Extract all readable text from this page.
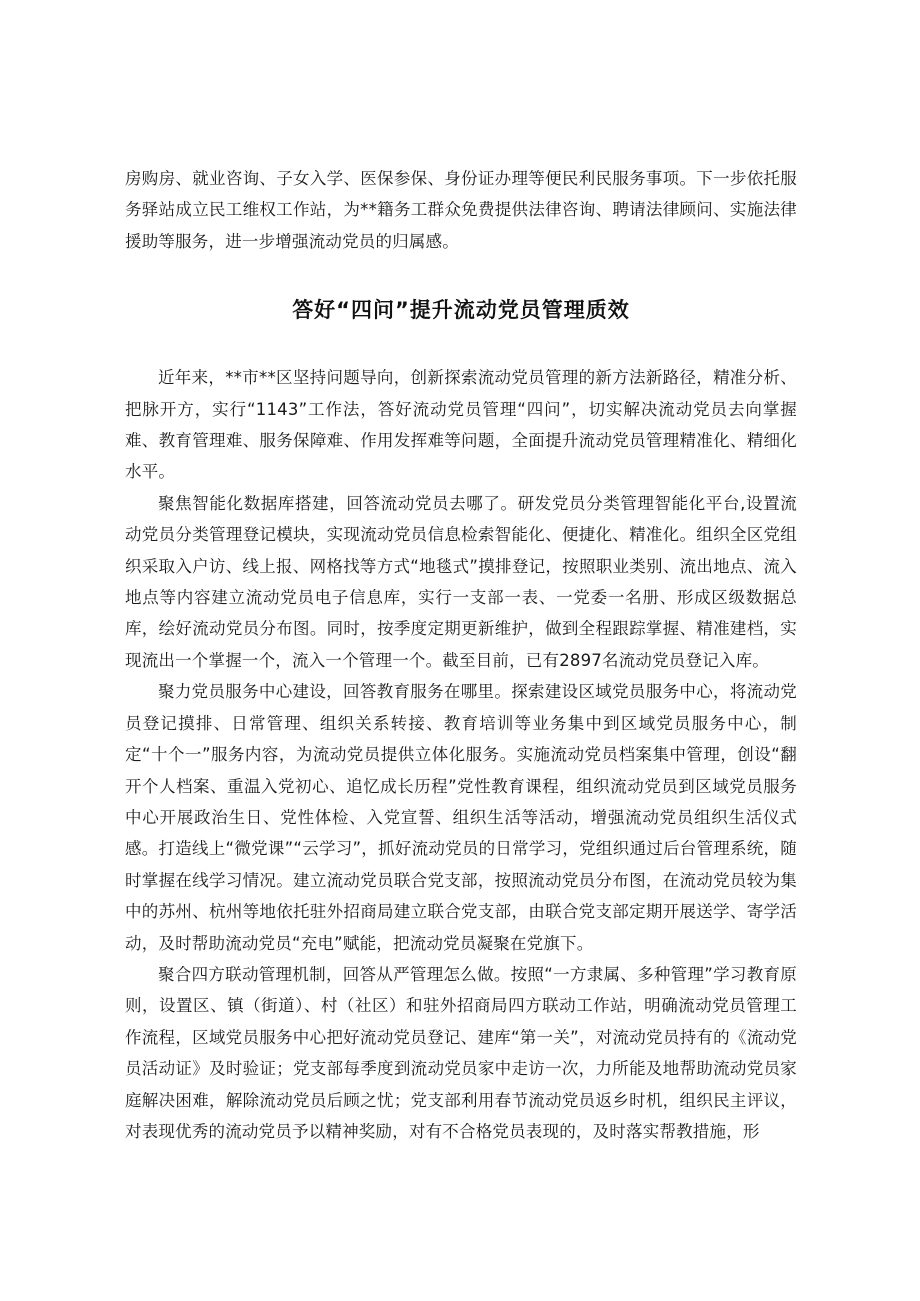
房购房、就业咨询、子女入学、医保参保、身份证办理等便民利民服务事项。下一步依托服务驿站成立民工维权工作站，为**籍务工群众免费提供法律咨询、聘请法律顾问、实施法律援助等服务，进一步增强流动党员的归属感。

答好“四问”提升流动党员管理质效

近年来，**市**区坚持问题导向，创新探索流动党员管理的新方法新路径，精准分析、把脉开方，实行“1143”工作法，答好流动党员管理“四问”，切实解决流动党员去向掌握难、教育管理难、服务保障难、作用发挥难等问题，全面提升流动党员管理精准化、精细化水平。

聚焦智能化数据库搭建，回答流动党员去哪了。研发党员分类管理智能化平台,设置流动党员分类管理登记模块，实现流动党员信息检索智能化、便捷化、精准化。组织全区党组织采取入户访、线上报、网格找等方式“地毯式”摸排登记，按照职业类别、流出地点、流入地点等内容建立流动党员电子信息库，实行一支部一表、一党委一名册、形成区级数据总库，绘好流动党员分布图。同时，按季度定期更新维护，做到全程跟踪掌握、精准建档，实现流出一个掌握一个，流入一个管理一个。截至目前，已有2897名流动党员登记入库。

聚力党员服务中心建设，回答教育服务在哪里。探索建设区域党员服务中心，将流动党员登记摸排、日常管理、组织关系转接、教育培训等业务集中到区域党员服务中心，制定“十个一”服务内容，为流动党员提供立体化服务。实施流动党员档案集中管理，创设“翻开个人档案、重温入党初心、追忆成长历程”党性教育课程，组织流动党员到区域党员服务中心开展政治生日、党性体检、入党宣誓、组织生活等活动，增强流动党员组织生活仪式感。打造线上“微党课”“云学习”，抓好流动党员的日常学习，党组织通过后台管理系统，随时掌握在线学习情况。建立流动党员联合党支部，按照流动党员分布图，在流动党员较为集中的苏州、杭州等地依托驻外招商局建立联合党支部，由联合党支部定期开展送学、寄学活动，及时帮助流动党员“充电”赋能，把流动党员凝聚在党旗下。

聚合四方联动管理机制，回答从严管理怎么做。按照“一方隶属、多种管理”学习教育原则，设置区、镇（街道）、村（社区）和驻外招商局四方联动工作站，明确流动党员管理工作流程，区域党员服务中心把好流动党员登记、建库“第一关”，对流动党员持有的《流动党员活动证》及时验证；党支部每季度到流动党员家中走访一次，力所能及地帮助流动党员家庭解决困难，解除流动党员后顾之忧；党支部利用春节流动党员返乡时机，组织民主评议，对表现优秀的流动党员予以精神奖励，对有不合格党员表现的，及时落实帮教措施，形
